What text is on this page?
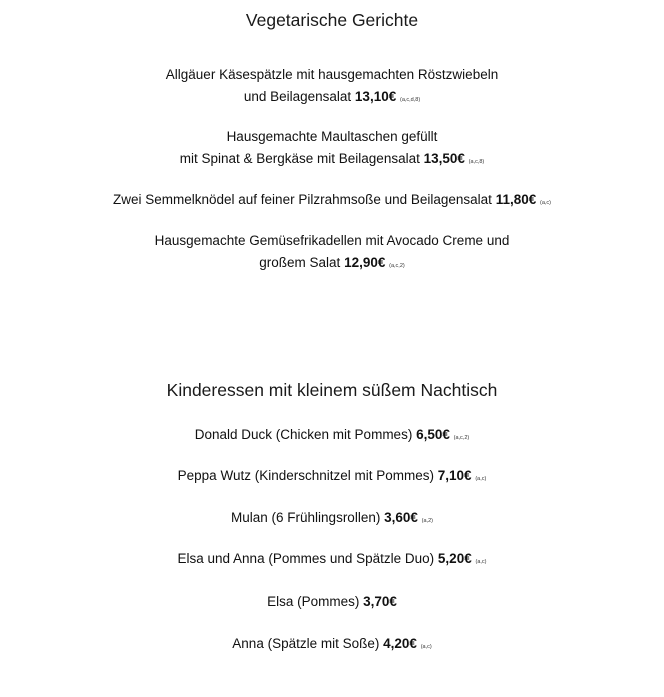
Vegetarische Gerichte
Allgäuer Käsespätzle mit hausgemachten Röstzwiebeln
und Beilagensalat 13,10€ (a,c,d,8)
Hausgemachte Maultaschen gefüllt
mit Spinat & Bergkäse mit Beilagensalat 13,50€ (a,c,8)
Zwei Semmelknödel auf feiner Pilzrahmsoße und Beilagensalat 11,80€ (a,c)
Hausgemachte Gemüsefrikadellen mit Avocado Creme und
großem Salat 12,90€ (a,c,2)
Kinderessen mit kleinem süßem Nachtisch
Donald Duck (Chicken mit Pommes) 6,50€ (a,c,2)
Peppa Wutz (Kinderschnitzel mit Pommes) 7,10€ (a,c)
Mulan (6 Frühlingsrollen) 3,60€ (a,2)
Elsa und Anna (Pommes und Spätzle Duo) 5,20€ (a,c)
Elsa (Pommes) 3,70€
Anna (Spätzle mit Soße) 4,20€ (a,c)
